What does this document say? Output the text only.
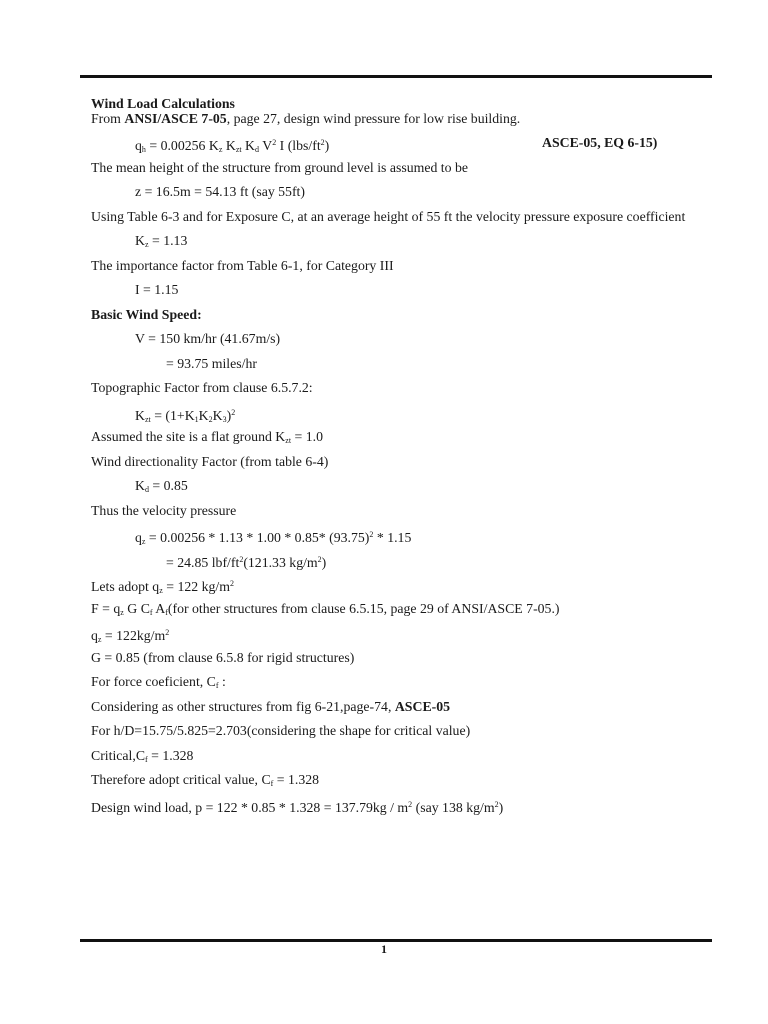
Wind Load Calculations
From ANSI/ASCE 7-05, page 27, design wind pressure for low rise building.
$q_h = 0.00256$ $K_z$ $K_{zt}$ $K_d$ $V^2$ I $(lbs/ft^2)$	ASCE-05, EQ 6-15)
The mean height of the structure from ground level is assumed to be
z = 16.5m = 54.13 ft (say 55ft)
Using Table 6-3 and for Exposure C, at an average height of 55 ft the velocity pressure exposure coefficient
$K_z = 1.13$
The importance factor from Table 6-1, for Category III
I = 1.15
Basic Wind Speed:
V = 150 km/hr (41.67m/s)
= 93.75 miles/hr
Topographic Factor from clause 6.5.7.2:
$K_{zt} = (1+K_1K_2K_3)^2$
Assumed the site is a flat ground $K_{zt} = 1.0$
Wind directionality Factor (from table 6-4)
$K_d = 0.85$
Thus the velocity pressure
$q_z = 0.00256 * 1.13 * 1.00 * 0.85*$ $(93.75)^2 * 1.15$
= 24.85 lbf/$ft^2(121.33$ $kg/m^2$)
Lets adopt $q_z = 122$ $kg/m^2$
$F = q_z$ G $C_f$ $A_f(for$ other structures from clause 6.5.15, page 29 of ANSI/ASCE 7-05.)
$q_z = 122kg/m^2$
G = 0.85 (from clause 6.5.8 for rigid structures)
For force coeficient, $C_f$ :
Considering as other structures from fig 6-21,page-74, ASCE-05
For h/D=15.75/5.825=2.703(considering the shape for critical value)
$Critical,C_f = 1.328$
Therefore adopt critical value, $C_f = 1.328$
Design wind load, $p = 122 * 0.85 * 1.328 = 137.79kg / m^2$ (say 138 $kg/m^2$)
1
